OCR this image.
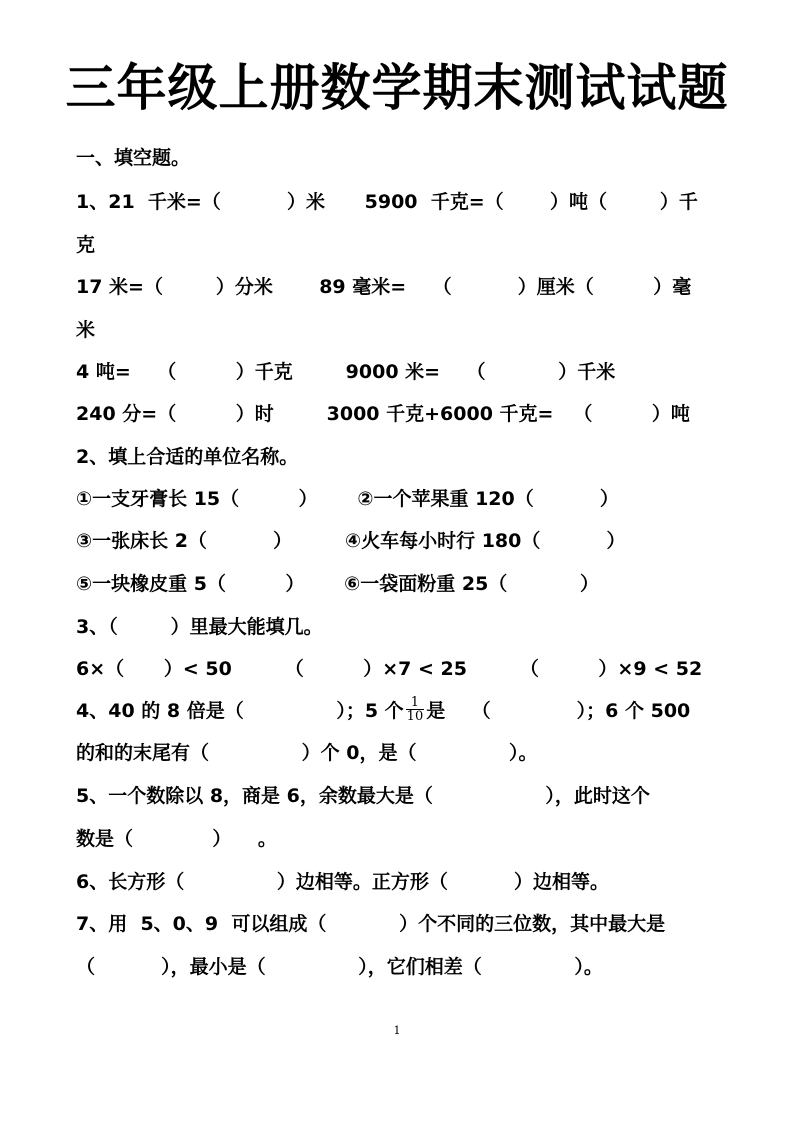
三年级上册数学期末测试试题
一、填空题。
1、21  千米=（          ）米      5900  千克=（       ）吨（        ）千
克
17 米=（        ）分米       89 毫米=    （          ）厘米（         ）毫
米
4 吨=    （         ）千克        9000 米=    （           ）千米
240 分=（         ）时        3000 千克+6000 千克=   （         ）吨
2、填上合适的单位名称。
①一支牙膏长 15（         ）      ②一个苹果重 120（          ）
③一张床长 2（          ）        ④火车每小时行 180（          ）
⑤一块橡皮重 5（         ）      ⑥一袋面粉重 25（           ）
3、（        ）里最大能填几。
6×（      ）< 50        （         ）×7 < 25        （         ）×9 < 52
4、40 的 8 倍是（              ）；5 个 $\frac{1}{10}$ 是    （             ）；6 个 500
的和的末尾有（              ）个 0，是（              ）。
5、一个数除以 8，商是 6，余数最大是（                 ），此时这个
数是（            ）    。
6、长方形（              ）边相等。正方形（          ）边相等。
7、用  5、0、9  可以组成（           ）个不同的三位数，其中最大是
（          ），最小是（              ），它们相差（              ）。
1
